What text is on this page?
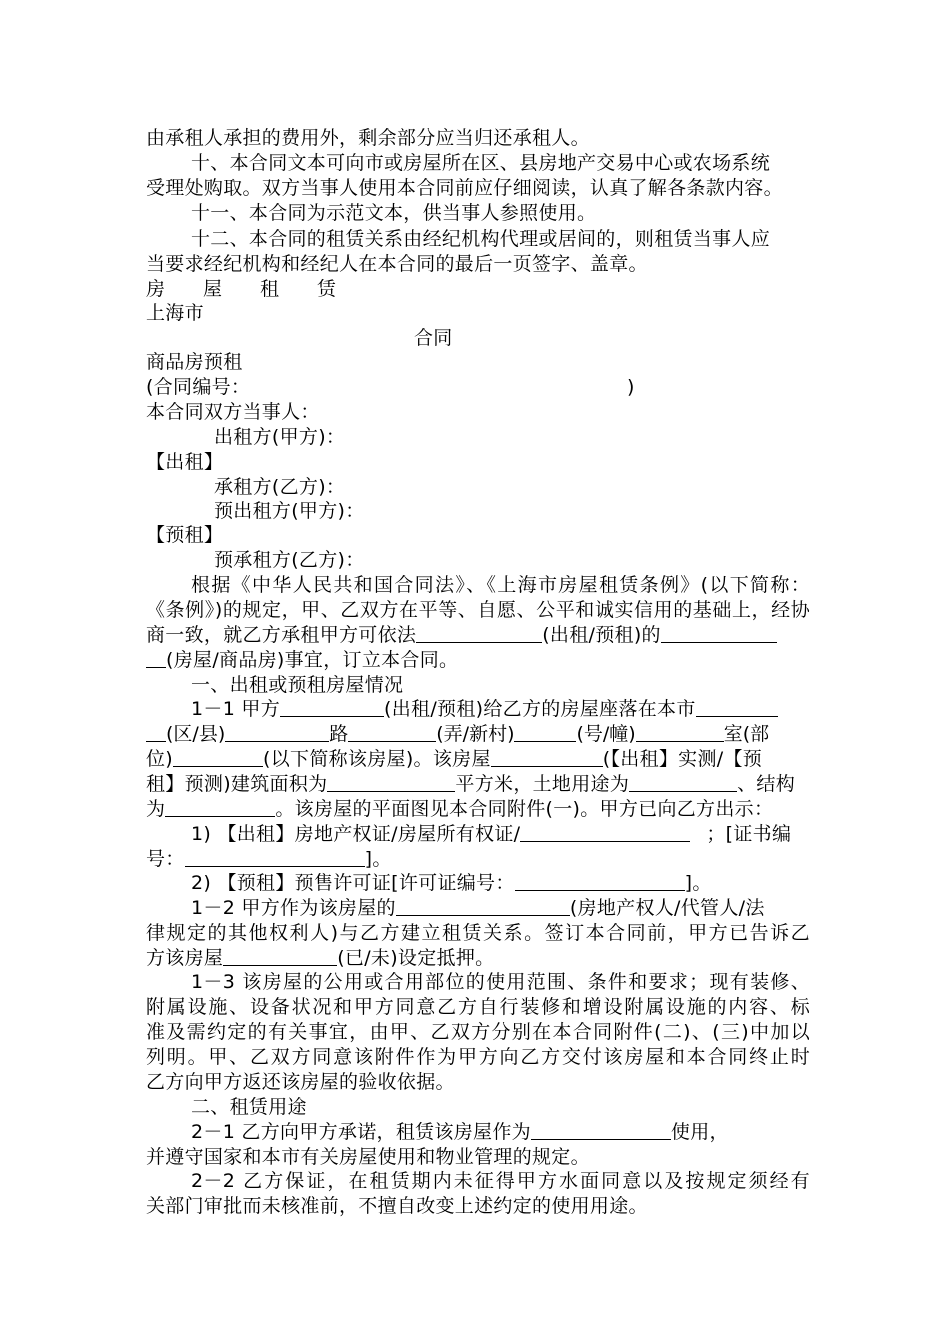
由承租人承担的费用外，剩余部分应当归还承租人。
十、本合同文本可向市或房屋所在区、县房地产交易中心或农场系统
受理处购取。双方当事人使用本合同前应仔细阅读，认真了解各条款内容。
十一、本合同为示范文本，供当事人参照使用。
十二、本合同的租赁关系由经纪机构代理或居间的，则租赁当事人应
当要求经纪机构和经纪人在本合同的最后一页签字、盖章。
房　　屋　　租　　赁
上海市
合同
商品房预租
(合同编号：	)
本合同双方当事人：
出租方(甲方)：
【出租】
承租方(乙方)：
预出租方(甲方)：
【预租】
预承租方(乙方)：
根据《中华人民共和国合同法》、《上海市房屋租赁条例》(以下简称：
《条例》)的规定，甲、乙双方在平等、自愿、公平和诚实信用的基础上，经协
商一致，就乙方承租甲方可依法	(出租/预租)的
(房屋/商品房)事宜，订立本合同。
一、出租或预租房屋情况
1－1 甲方	(出租/预租)给乙方的房屋座落在本市
(区/县)	路	(弄/新村)	(号/幢)	室(部
位)	(以下简称该房屋)。该房屋	(【出租】实测/【预
租】预测)建筑面积为	平方米，土地用途为	、结构
为	。该房屋的平面图见本合同附件(一)。甲方已向乙方出示：
1) 【出租】房地产权证/房屋所有权证/	；[证书编
号：	]。
2) 【预租】预售许可证[许可证编号：	]。
1－2 甲方作为该房屋的	(房地产权人/代管人/法
律规定的其他权利人)与乙方建立租赁关系。签订本合同前，甲方已告诉乙
方该房屋	(已/未)设定抵押。
1－3 该房屋的公用或合用部位的使用范围、条件和要求；现有装修、
附属设施、设备状况和甲方同意乙方自行装修和增设附属设施的内容、标
准及需约定的有关事宜，由甲、乙双方分别在本合同附件(二)、(三)中加以
列明。甲、乙双方同意该附件作为甲方向乙方交付该房屋和本合同终止时
乙方向甲方返还该房屋的验收依据。
二、租赁用途
2－1 乙方向甲方承诺，租赁该房屋作为	使用，
并遵守国家和本市有关房屋使用和物业管理的规定。
2－2 乙方保证，在租赁期内未征得甲方水面同意以及按规定须经有
关部门审批而未核准前，不擅自改变上述约定的使用用途。
